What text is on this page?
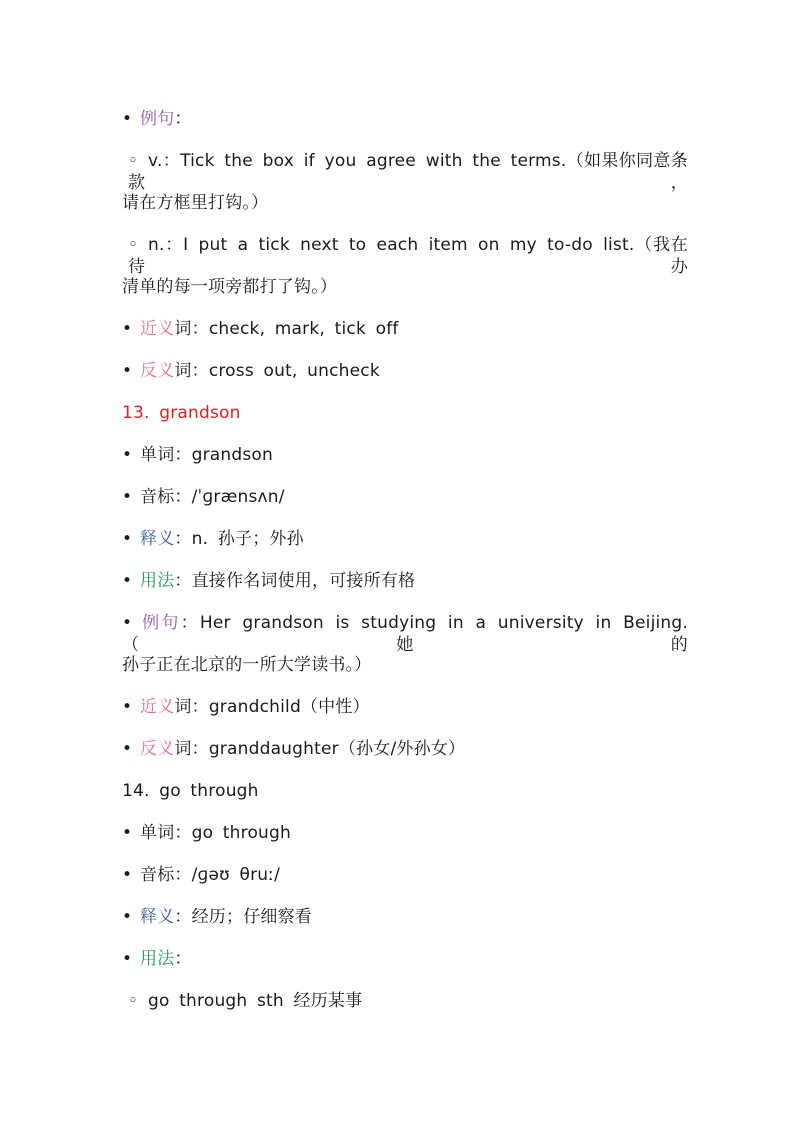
• 例句：
◦ v.：Tick the box if you agree with the terms.（如果你同意条款，
请在方框里打钩。）
◦ n.：I put a tick next to each item on my to-do list.（我在待办
清单的每一项旁都打了钩。）
• 近义词：check, mark, tick off
• 反义词：cross out, uncheck
13. grandson
• 单词：grandson
• 音标：/ˈɡrænsʌn/
• 释义：n. 孙子；外孙
• 用法：直接作名词使用，可接所有格
• 例句：Her grandson is studying in a university in Beijing.（她的
孙子正在北京的一所大学读书。）
• 近义词：grandchild（中性）
• 反义词：granddaughter（孙女/外孙女）
14. go through
• 单词：go through
• 音标：/ɡəʊ θruː/
• 释义：经历；仔细察看
• 用法：
◦ go through sth 经历某事
